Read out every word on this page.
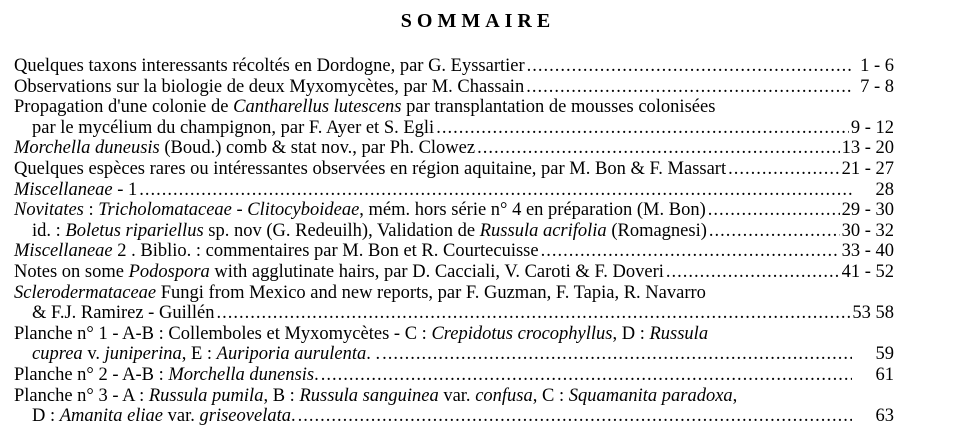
SOMMAIRE
Quelques taxons interessants récoltés en Dordogne, par G. Eyssartier .....	1 - 6
Observations sur la biologie de deux Myxomycètes, par M. Chassain .....	7 - 8
Propagation d'une colonie de Cantharellus lutescens par transplantation de mousses colonisées
par le mycélium du champignon, par F. Ayer et S. Egli .....	9 - 12
Morchella duneusis (Boud.) comb & stat nov., par Ph. Clowez .....	13 - 20
Quelques espèces rares ou intéressantes observées en région aquitaine, par M. Bon & F. Massart .....	21 - 27
Miscellaneae - 1 .....	28
Novitates : Tricholomataceae - Clitocyboideae, mém. hors série n° 4 en préparation (M. Bon) .....	29 - 30
id. : Boletus ripariellus sp. nov (G. Redeuilh), Validation de Russula acrifolia (Romagnesi) .....	30 - 32
Miscellaneae 2 . Biblio. : commentaires par M. Bon et R. Courtecuisse .....	33 - 40
Notes on some Podospora with agglutinate hairs, par D. Cacciali, V. Caroti & F. Doveri .....	41 - 52
Sclerodermataceae Fungi from Mexico and new reports, par F. Guzman, F. Tapia, R. Navarro
& F.J. Ramirez - Guillén .....	53 58
Planche n° 1 - A-B : Collemboles et Myxomycètes - C : Crepidotus crocophyllus, D : Russula
cuprea v. juniperina, E : Auriporia aurulenta. . .....	59
Planche n° 2 - A-B : Morchella dunensis. .....	61
Planche n° 3 - A : Russula pumila, B : Russula sanguinea var. confusa, C : Squamanita paradoxa,
D : Amanita eliae var. griseovelata. .....	63
